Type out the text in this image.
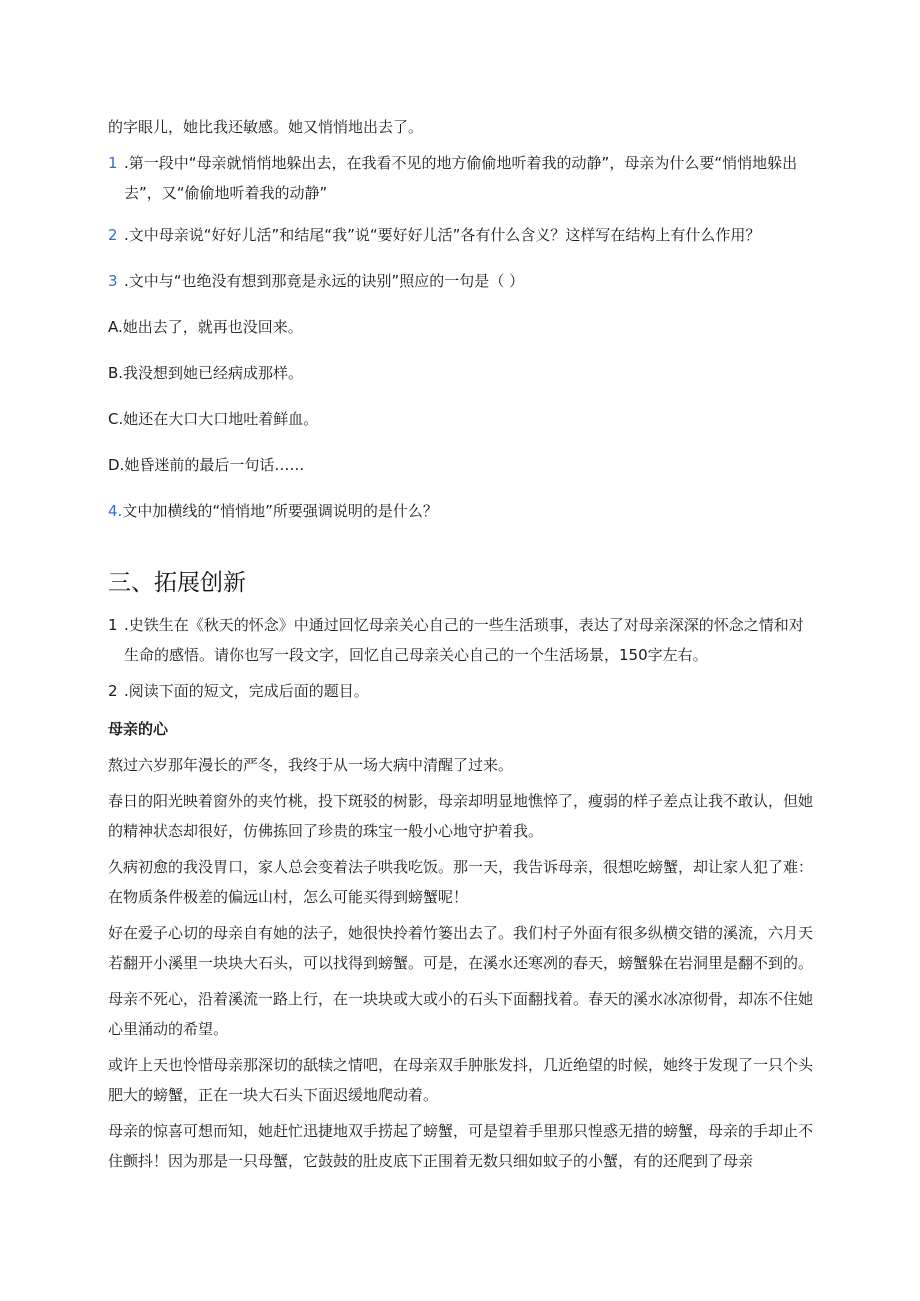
的字眼儿，她比我还敏感。她又悄悄地出去了。

1 .第一段中“母亲就悄悄地躲出去，在我看不见的地方偷偷地听着我的动静”，母亲为什么要“悄悄地躲出去”，又“偷偷地听着我的动静”
2 .文中母亲说“好好儿活”和结尾“我”说“要好好儿活”各有什么含义？这样写在结构上有什么作用？
3 .文中与“也绝没有想到那竟是永远的诀别”照应的一句是（ ）

A.她出去了，就再也没回来。

B.我没想到她已经病成那样。

C.她还在大口大口地吐着鲜血。

D.她昏迷前的最后一句话……

4.文中加横线的“悄悄地”所要强调说明的是什么？

三、拓展创新
1 .史铁生在《秋天的怀念》中通过回忆母亲关心自己的一些生活琐事，表达了对母亲深深的怀念之情和对生命的感悟。请你也写一段文字，回忆自己母亲关心自己的一个生活场景，150字左右。
2 .阅读下面的短文，完成后面的题目。

母亲的心

熬过六岁那年漫长的严冬，我终于从一场大病中清醒了过来。

春日的阳光映着窗外的夹竹桃，投下斑驳的树影，母亲却明显地憔悴了，瘦弱的样子差点让我不敢认，但她的精神状态却很好，仿佛拣回了珍贵的珠宝一般小心地守护着我。

久病初愈的我没胃口，家人总会变着法子哄我吃饭。那一天，我告诉母亲，很想吃螃蟹，却让家人犯了难：在物质条件极差的偏远山村，怎么可能买得到螃蟹呢！

好在爱子心切的母亲自有她的法子，她很快拎着竹篓出去了。我们村子外面有很多纵横交错的溪流，六月天若翻开小溪里一块块大石头，可以找得到螃蟹。可是，在溪水还寒冽的春天，螃蟹躲在岩洞里是翻不到的。

母亲不死心，沿着溪流一路上行，在一块块或大或小的石头下面翻找着。春天的溪水冰凉彻骨，却冻不住她心里涌动的希望。

或许上天也怜惜母亲那深切的舐犊之情吧，在母亲双手肿胀发抖，几近绝望的时候，她终于发现了一只个头肥大的螃蟹，正在一块大石头下面迟缓地爬动着。

母亲的惊喜可想而知，她赶忙迅捷地双手捞起了螃蟹，可是望着手里那只惶惑无措的螃蟹，母亲的手却止不住颤抖！因为那是一只母蟹，它鼓鼓的肚皮底下正围着无数只细如蚊子的小蟹，有的还爬到了母亲
